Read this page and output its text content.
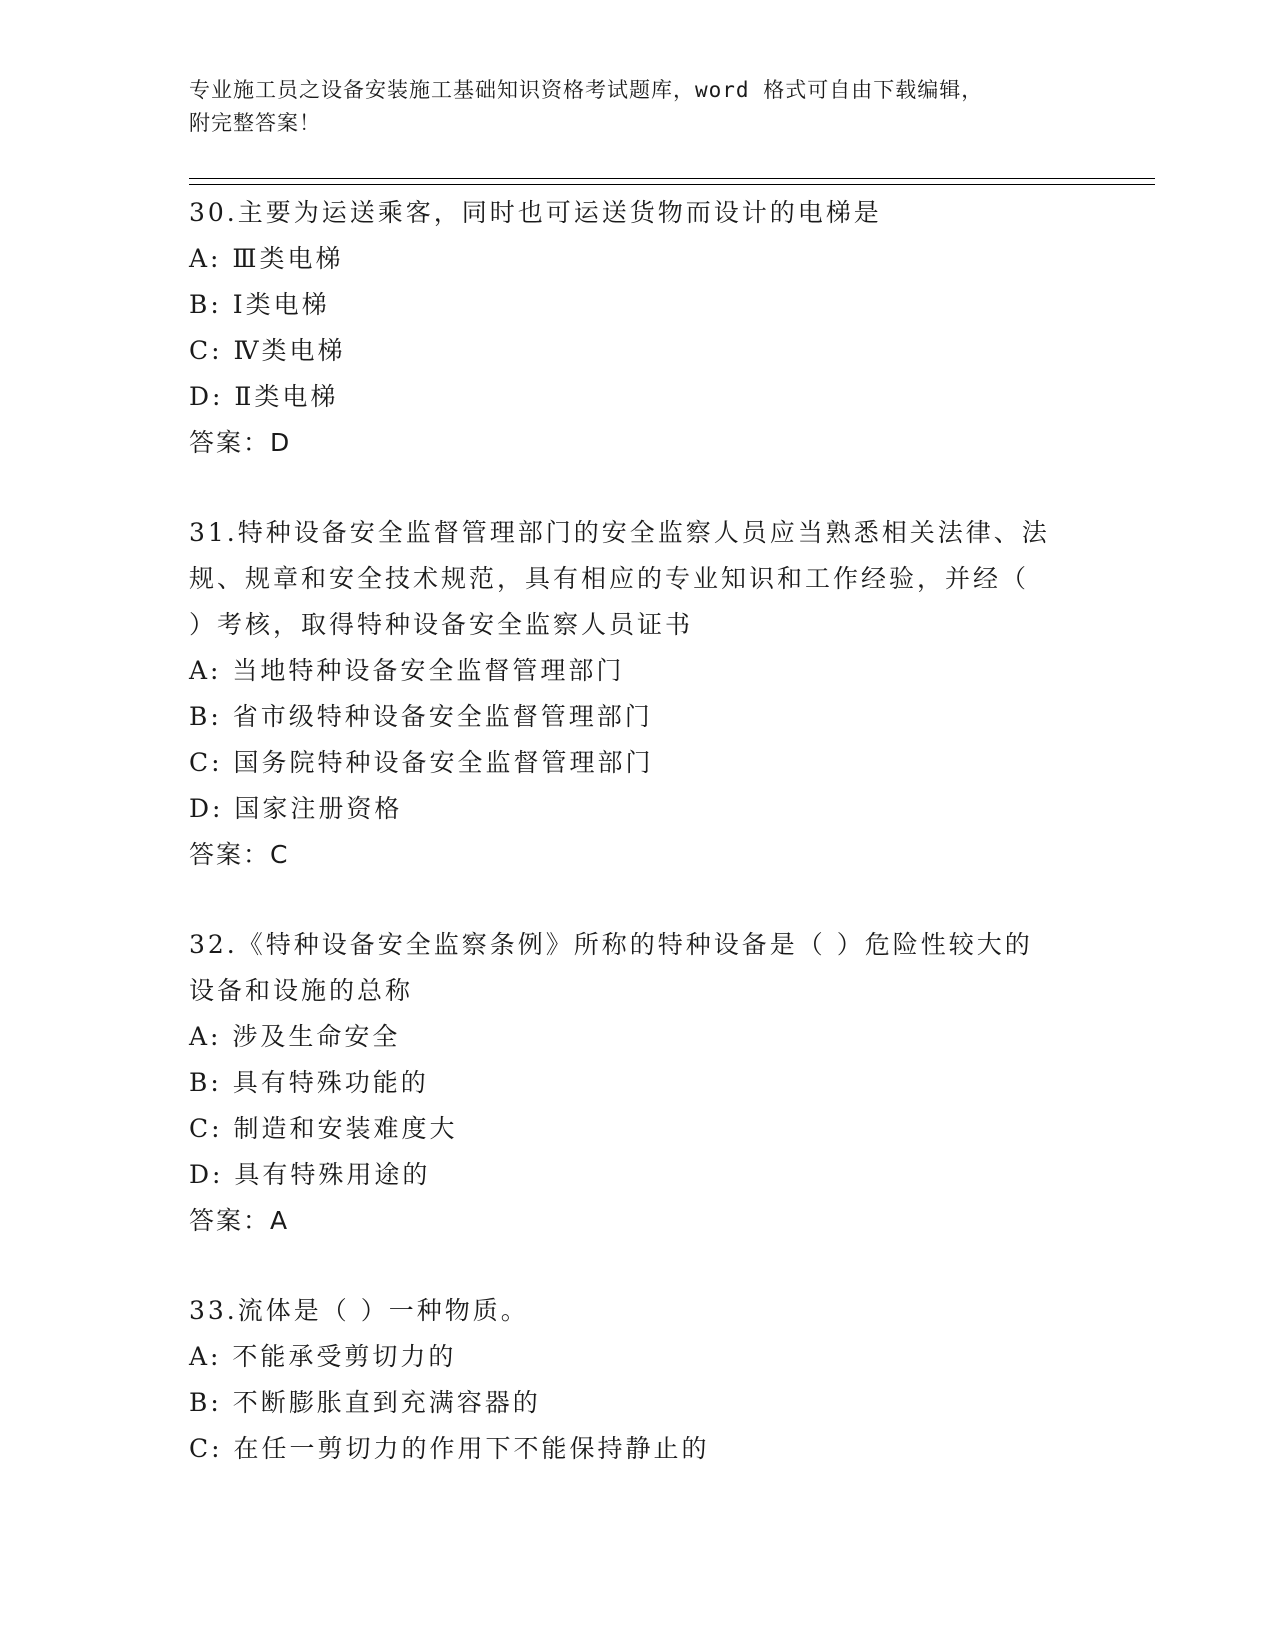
专业施工员之设备安装施工基础知识资格考试题库，word 格式可自由下载编辑，
附完整答案！
30.主要为运送乘客，同时也可运送货物而设计的电梯是
A: Ⅲ类电梯
B: Ⅰ类电梯
C: Ⅳ类电梯
D: Ⅱ类电梯
答案：D
31.特种设备安全监督管理部门的安全监察人员应当熟悉相关法律、法
规、规章和安全技术规范，具有相应的专业知识和工作经验，并经（
）考核，取得特种设备安全监察人员证书
A: 当地特种设备安全监督管理部门
B: 省市级特种设备安全监督管理部门
C: 国务院特种设备安全监督管理部门
D: 国家注册资格
答案：C
32.《特种设备安全监察条例》所称的特种设备是（ ）危险性较大的
设备和设施的总称
A: 涉及生命安全
B: 具有特殊功能的
C: 制造和安装难度大
D: 具有特殊用途的
答案：A
33.流体是（ ）一种物质。
A: 不能承受剪切力的
B: 不断膨胀直到充满容器的
C: 在任一剪切力的作用下不能保持静止的
